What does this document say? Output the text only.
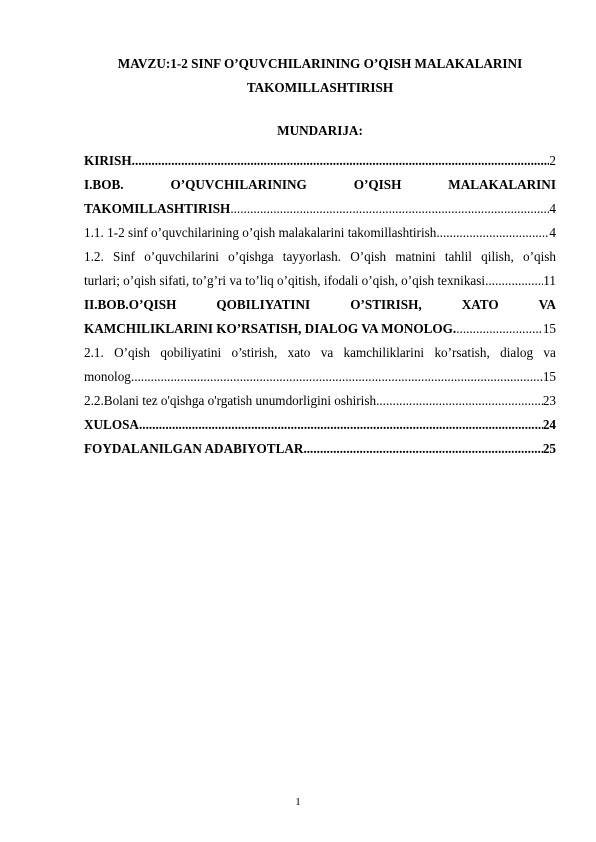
MAVZU:1-2 SINF O’QUVCHILARINING O’QISH MALAKALARINI
TAKOMILLASHTIRISH
MUNDARIJA:
KIRISH .....	2
I.BOB.	O’QUVCHILARINING	O’QISH	MALAKALARINI
TAKOMILLASHTIRISH .....	4
1.1. 1-2 sinf o’quvchilarining o’qish malakalarini takomillashtirish .....	4
1.2. Sinf o’quvchilarini o’qishga tayyorlash. O’qish matnini tahlil qilish, o’qish
turlari; o’qish sifati, to’g’ri va to’liq o’qitish, ifodali o’qish, o’qish texnikasi .....	11
II.BOB.O’QISH	QOBILIYATINI	O’STIRISH,	XATO	VA
KAMCHILIKLARINI KO’RSATISH, DIALOG VA MONOLOG. .....	15
2.1. O’qish qobiliyatini o’stirish, xato va kamchiliklarini ko’rsatish, dialog va
monolog .....	15
2.2.Bolani tez o'qishga o'rgatish unumdorligini oshirish .....	23
XULOSA .....	24
FOYDALANILGAN ADABIYOTLAR .....	25
1
